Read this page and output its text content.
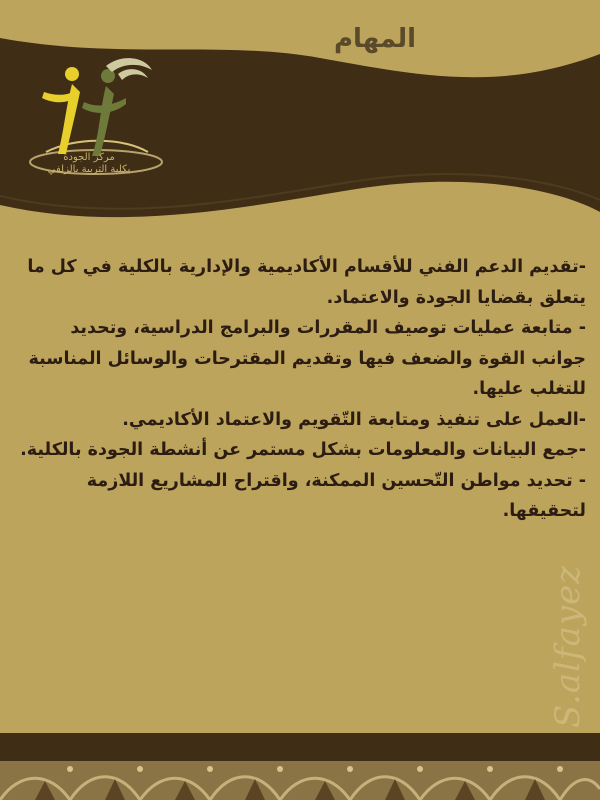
المهام
مركز الجودة
بكلية التربية بالزلفي

-تقديم الدعم الفني للأقسام الأكاديمية والإدارية بالكلية في كل ما يتعلق بقضايا الجودة والاعتماد.

- متابعة عمليات توصيف المقررات والبرامج الدراسية، وتحديد جوانب القوة والضعف فيها وتقديم المقترحات والوسائل المناسبة للتغلب عليها.

-العمل على تنفيذ ومتابعة التّقويم والاعتماد الأكاديمي.

-جمع البيانات والمعلومات بشكل مستمر عن أنشطة الجودة بالكلية.

- تحديد مواطن التّحسين الممكنة، واقتراح المشاريع اللازمة لتحقيقها.

S.alfayez
